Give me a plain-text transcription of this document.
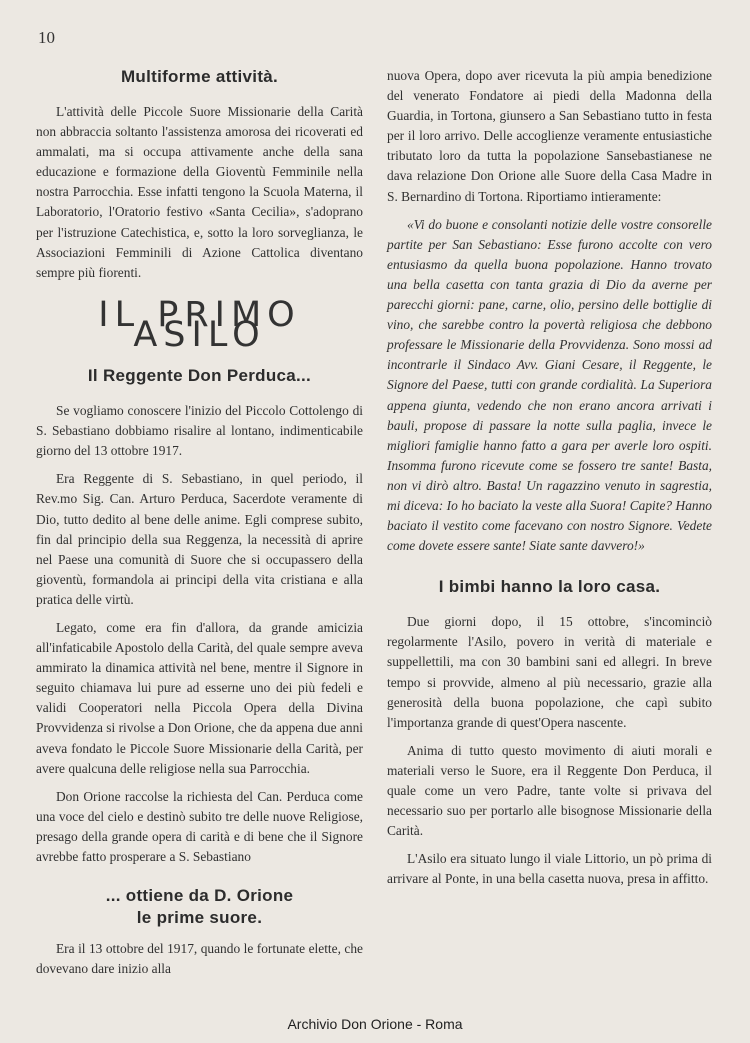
10
Multiforme attività.

L'attività delle Piccole Suore Missionarie della Carità non abbraccia soltanto l'assistenza amorosa dei ricoverati ed ammalati, ma si occupa attivamente anche della sana educazione e formazione della Gioventù Femminile nella nostra Parrocchia. Esse infatti tengono la Scuola Materna, il Laboratorio, l'Oratorio festivo «Santa Cecilia», s'adoprano per l'istruzione Catechistica, e, sotto la loro sorveglianza, le Associazioni Femminili di Azione Cattolica diventano sempre più fiorenti.

IL PRIMO ASILO
Il Reggente Don Perduca...

Se vogliamo conoscere l'inizio del Piccolo Cottolengo di S. Sebastiano dobbiamo risalire al lontano, indimenticabile giorno del 13 ottobre 1917.

Era Reggente di S. Sebastiano, in quel periodo, il Rev.mo Sig. Can. Arturo Perduca, Sacerdote veramente di Dio, tutto dedito al bene delle anime. Egli comprese subito, fin dal principio della sua Reggenza, la necessità di aprire nel Paese una comunità di Suore che si occupassero della gioventù, formandola ai principi della vita cristiana e alla pratica delle virtù.

Legato, come era fin d'allora, da grande amicizia all'infaticabile Apostolo della Carità, del quale sempre aveva ammirato la dinamica attività nel bene, mentre il Signore in seguito chiamava lui pure ad esserne uno dei più fedeli e validi Cooperatori nella Piccola Opera della Divina Provvidenza si rivolse a Don Orione, che da appena due anni aveva fondato le Piccole Suore Missionarie della Carità, per avere qualcuna delle religiose nella sua Parrocchia.

Don Orione raccolse la richiesta del Can. Perduca come una voce del cielo e destinò subito tre delle nuove Religiose, presago della grande opera di carità e di bene che il Signore avrebbe fatto prosperare a S. Sebastiano

... ottiene da D. Orione
le prime suore.

Era il 13 ottobre del 1917, quando le fortunate elette, che dovevano dare inizio alla

nuova Opera, dopo aver ricevuta la più ampia benedizione del venerato Fondatore ai piedi della Madonna della Guardia, in Tortona, giunsero a San Sebastiano tutto in festa per il loro arrivo. Delle accoglienze veramente entusiastiche tributato loro da tutta la popolazione Sansebastianese ne dava relazione Don Orione alle Suore della Casa Madre in S. Bernardino di Tortona. Riportiamo intieramente:

«Vi do buone e consolanti notizie delle vostre consorelle partite per San Sebastiano: Esse furono accolte con vero entusiasmo da quella buona popolazione. Hanno trovato una bella casetta con tanta grazia di Dio da averne per parecchi giorni: pane, carne, olio, persino delle bottiglie di vino, che sarebbe contro la povertà religiosa che debbono professare le Missionarie della Provvidenza. Sono mossi ad incontrarle il Sindaco Avv. Giani Cesare, il Reggente, le Signore del Paese, tutti con grande cordialità. La Superiora appena giunta, vedendo che non erano ancora arrivati i bauli, propose di passare la notte sulla paglia, invece le migliori famiglie hanno fatto a gara per averle loro ospiti. Insomma furono ricevute come se fossero tre sante! Basta, non vi dirò altro. Basta! Un ragazzino venuto in sagrestia, mi diceva: Io ho baciato la veste alla Suora! Capite? Hanno baciato il vestito come facevano con nostro Signore. Vedete come dovete essere sante! Siate sante davvero!»

I bimbi hanno la loro casa.

Due giorni dopo, il 15 ottobre, s'incominciò regolarmente l'Asilo, povero in verità di materiale e suppellettili, ma con 30 bambini sani ed allegri. In breve tempo si provvide, almeno al più necessario, grazie alla generosità della buona popolazione, che capì subito l'importanza grande di quest'Opera nascente.

Anima di tutto questo movimento di aiuti morali e materiali verso le Suore, era il Reggente Don Perduca, il quale come un vero Padre, tante volte si privava del necessario suo per portarlo alle bisognose Missionarie della Carità.

L'Asilo era situato lungo il viale Littorio, un pò prima di arrivare al Ponte, in una bella casetta nuova, presa in affitto.

Archivio Don Orione - Roma
